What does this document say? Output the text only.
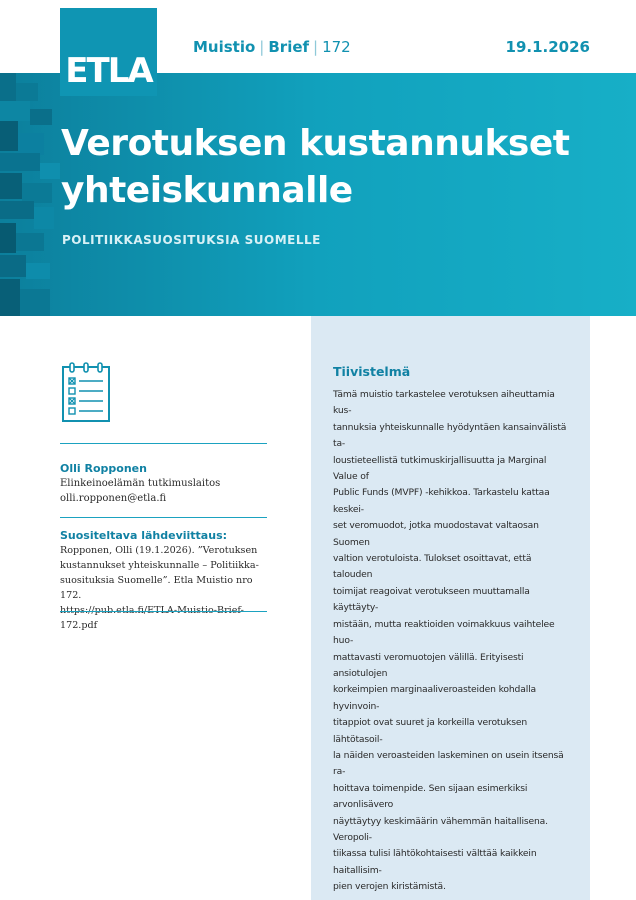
ETLA
Muistio | Brief | 172	19.1.2026
Verotuksen kustannukset
yhteiskunnalle
POLITIIKKASUOSITUKSIA SUOMELLE
Olli Ropponen
Elinkeinoelämän tutkimuslaitos
olli.ropponen@etla.fi
Suositeltava lähdeviittaus:
Ropponen, Olli (19.1.2026). ”Verotuksen
kustannukset yhteiskunnalle – Politiikka-
suosituksia Suomelle”. Etla Muistio nro 172.
172.pdf
Tiivistelmä
Tämä muistio tarkastelee verotuksen aiheuttamia kus-
tannuksia yhteiskunnalle hyödyntäen kansainvälistä ta-
loustieteellistä tutkimuskirjallisuutta ja Marginal Value of
Public Funds (MVPF) -kehikkoa. Tarkastelu kattaa keskei-
set veromuodot, jotka muodostavat valtaosan Suomen
valtion verotuloista. Tulokset osoittavat, että talouden
toimijat reagoivat verotukseen muuttamalla käyttäyty-
mistään, mutta reaktioiden voimakkuus vaihtelee huo-
mattavasti veromuotojen välillä. Erityisesti ansiotulojen
korkeimpien marginaaliveroasteiden kohdalla hyvinvoin-
titappiot ovat suuret ja korkeilla verotuksen lähtötasoil-
la näiden veroasteiden laskeminen on usein itsensä ra-
hoittava toimenpide. Sen sijaan esimerkiksi arvonlisävero
näyttäytyy keskimäärin vähemmän haitallisena. Veropoli-
tiikassa tulisi lähtökohtaisesti välttää kaikkein haitallisim-
pien verojen kiristämistä.
